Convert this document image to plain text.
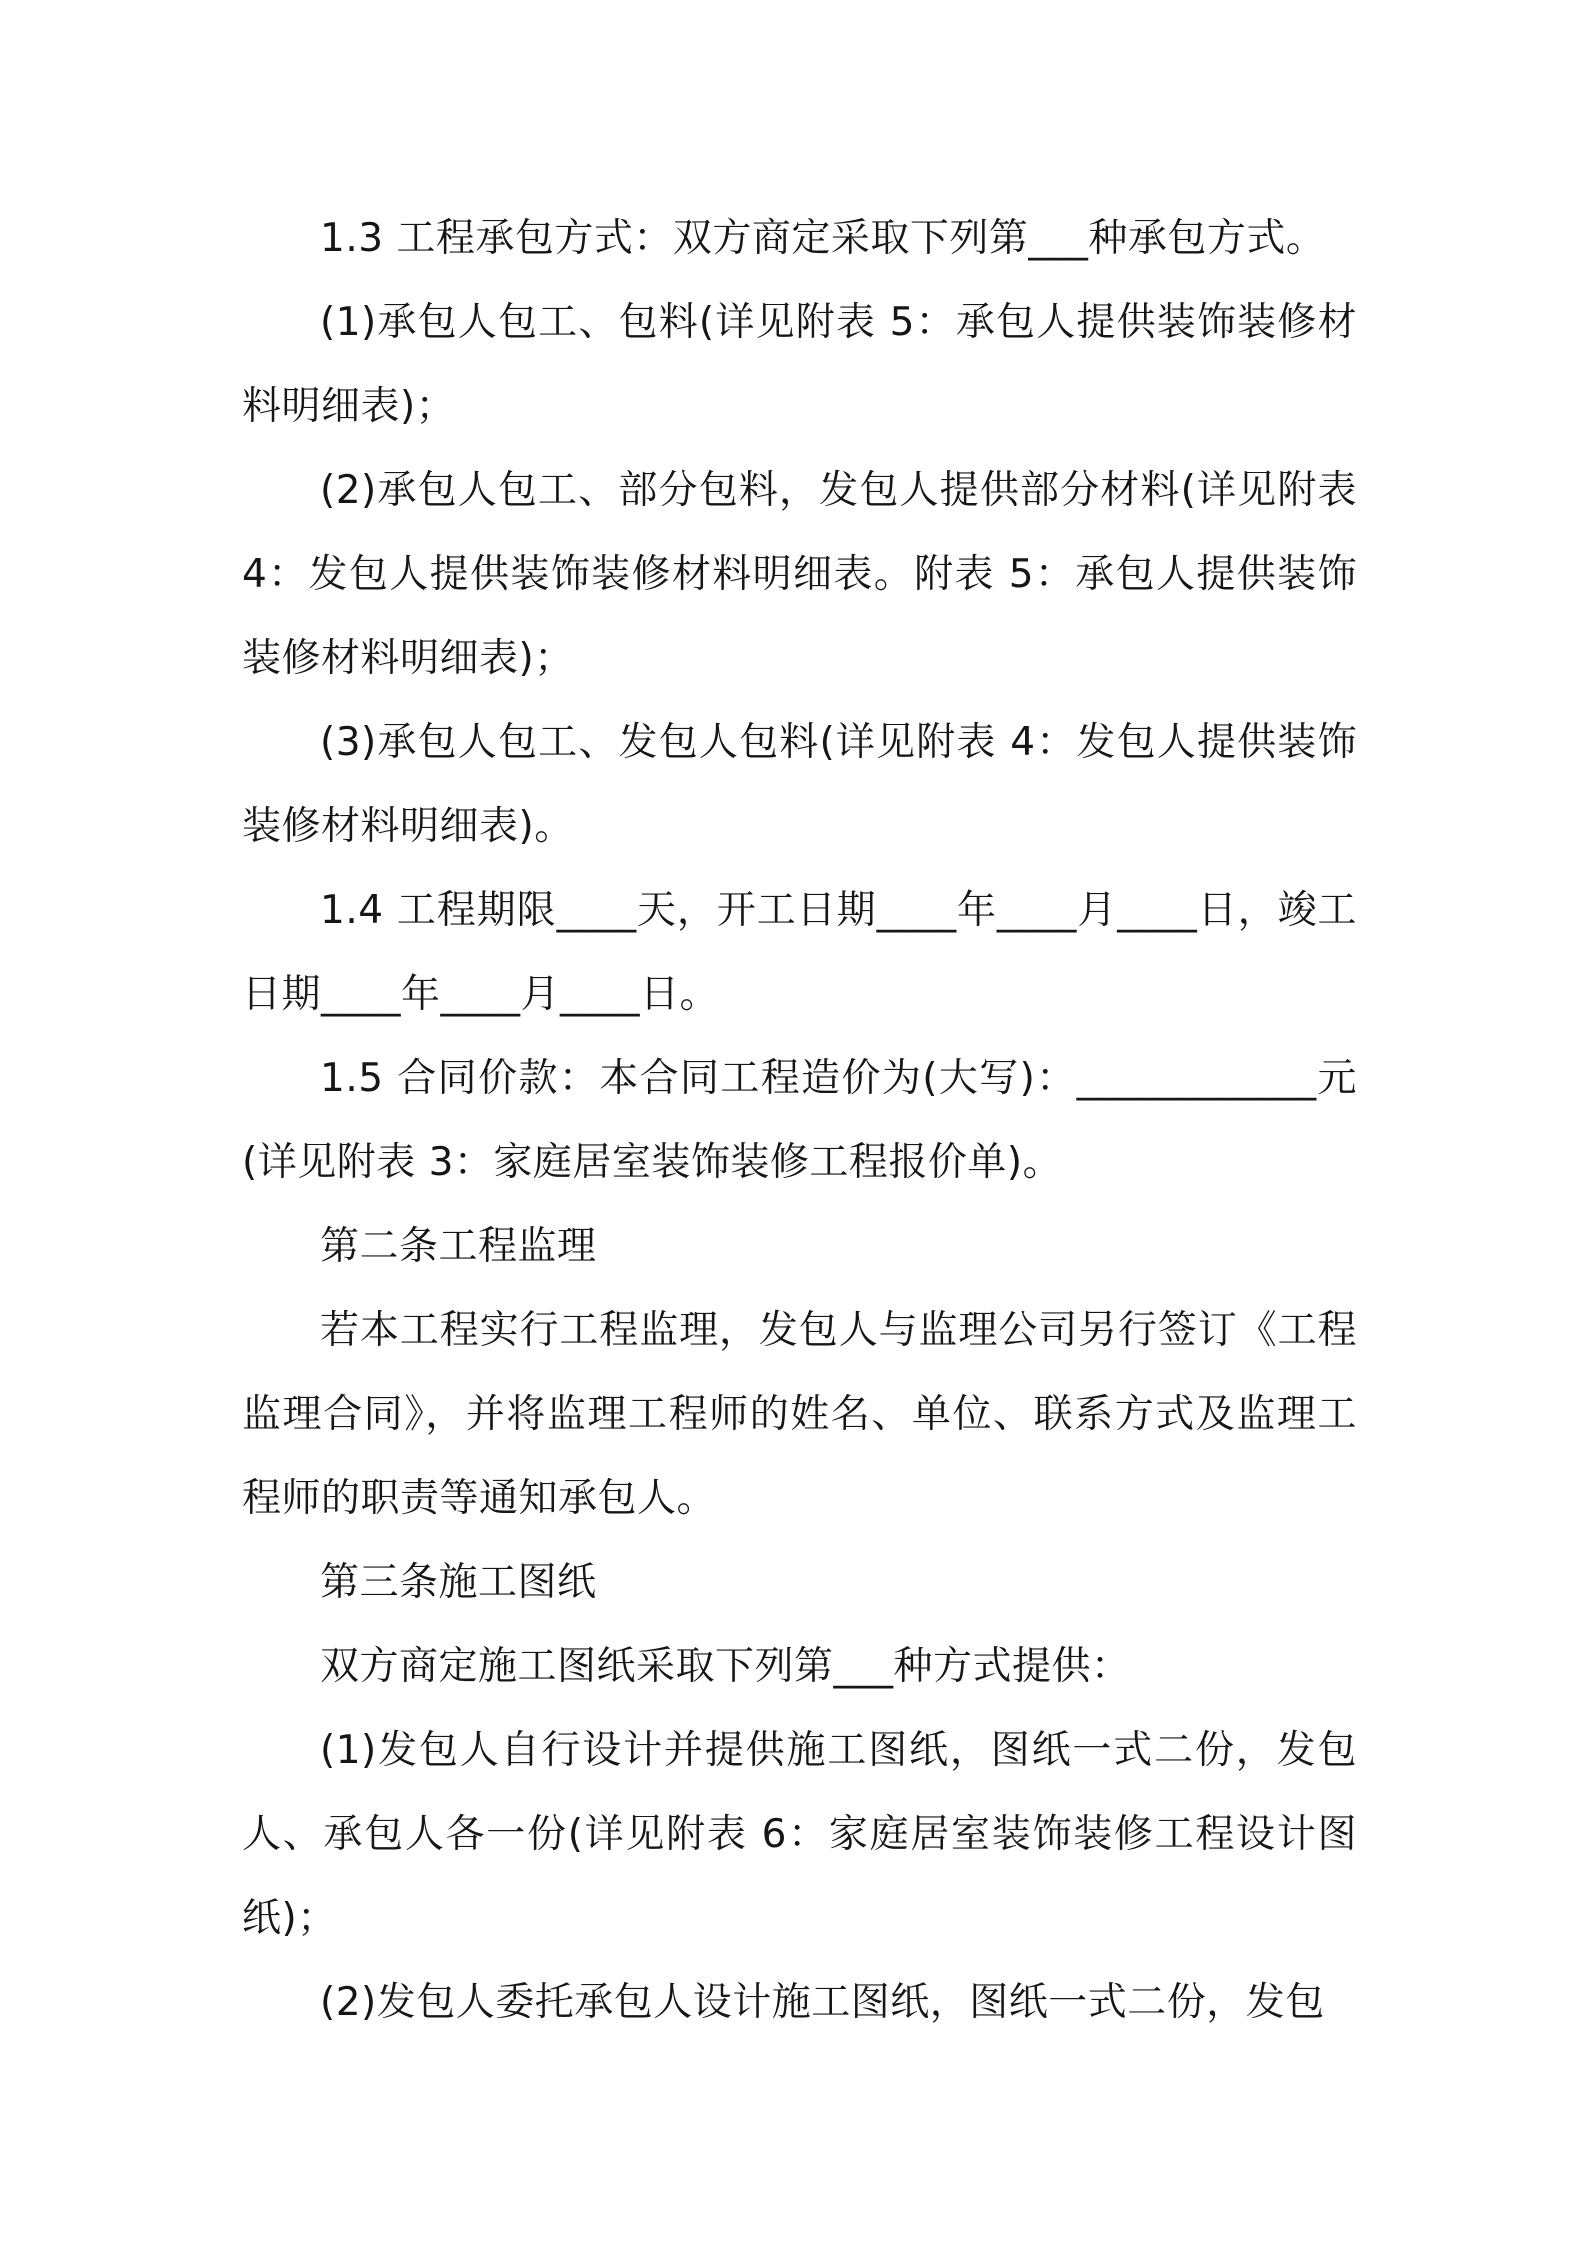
1.3 工程承包方式：双方商定采取下列第___种承包方式。

(1)承包人包工、包料(详见附表 5：承包人提供装饰装修材料明细表)；

(2)承包人包工、部分包料，发包人提供部分材料(详见附表 4：发包人提供装饰装修材料明细表。附表 5：承包人提供装饰装修材料明细表)；

(3)承包人包工、发包人包料(详见附表 4：发包人提供装饰装修材料明细表)。

1.4 工程期限____天，开工日期____年____月____日，竣工日期____年____月____日。

1.5 合同价款：本合同工程造价为(大写)：____________元(详见附表 3：家庭居室装饰装修工程报价单)。

第二条工程监理

若本工程实行工程监理，发包人与监理公司另行签订《工程监理合同》，并将监理工程师的姓名、单位、联系方式及监理工程师的职责等通知承包人。

第三条施工图纸

双方商定施工图纸采取下列第___种方式提供：

(1)发包人自行设计并提供施工图纸，图纸一式二份，发包人、承包人各一份(详见附表 6：家庭居室装饰装修工程设计图纸)；

(2)发包人委托承包人设计施工图纸，图纸一式二份，发包
